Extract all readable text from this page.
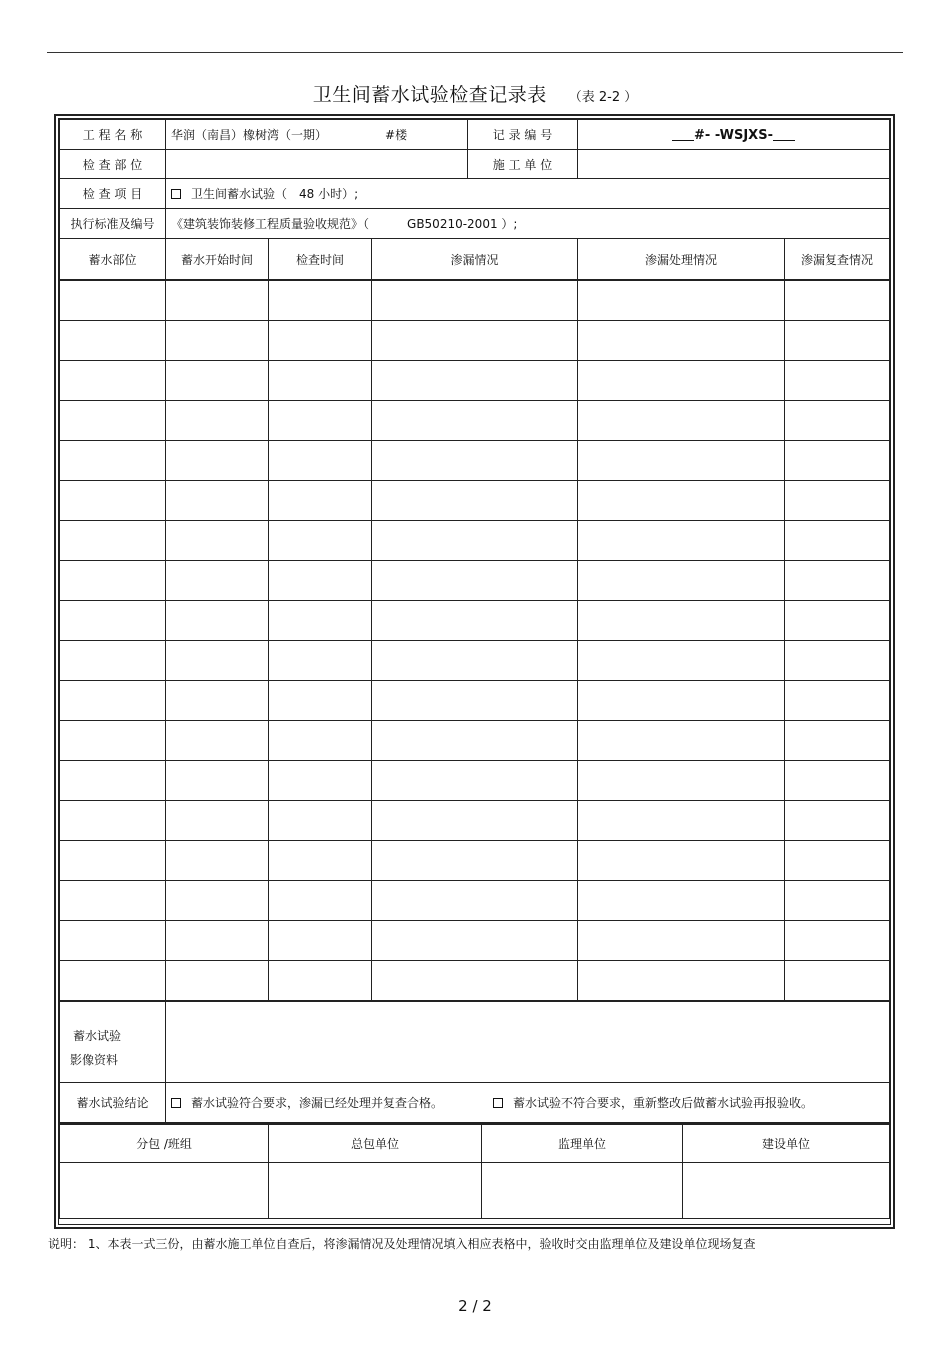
卫生间蓄水试验检查记录表 （表 2-2 ）
工 程 名 称	华润（南昌）橡树湾（一期） #楼			记 录 编 号	#- -WSJXS-	
检 查 部 位				施 工 单 位		
检 查 项 目	卫生间蓄水试验（ 48 小时）;					
执行标准及编号	《建筑装饰装修工程质量验收规范》（ GB50210-2001 ）;					
蓄水部位	蓄水开始时间	检查时间	渗漏情况		渗漏处理情况	渗漏复查情况

蓄水试验
影像资料	
蓄水试验结论	蓄水试验符合要求，渗漏已经处理并复查合格。 蓄水试验不符合要求，重新整改后做蓄水试验再报验收。
分包 /班组	总包单位	监理单位	建设单位

说明： 1、本表一式三份，由蓄水施工单位自查后，将渗漏情况及处理情况填入相应表格中，验收时交由监理单位及建设单位现场复查
2 / 2
